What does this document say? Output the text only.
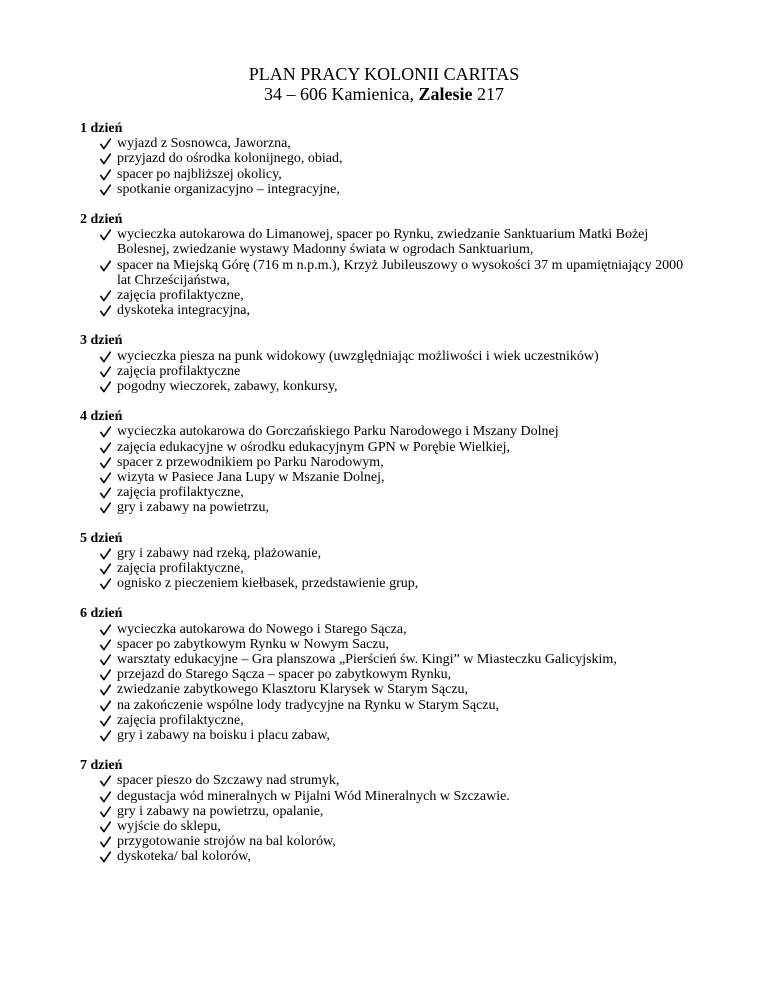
PLAN PRACY KOLONII CARITAS
34 – 606 Kamienica, Zalesie 217
1 dzień
wyjazd z Sosnowca, Jaworzna,
przyjazd do ośrodka kolonijnego, obiad,
spacer po najbliższej okolicy,
spotkanie organizacyjno – integracyjne,
2 dzień
wycieczka autokarowa do Limanowej, spacer po Rynku, zwiedzanie Sanktuarium Matki Bożej Bolesnej, zwiedzanie wystawy Madonny świata w ogrodach Sanktuarium,
spacer na Miejską Górę (716 m n.p.m.), Krzyż Jubileuszowy o wysokości 37 m upamiętniający 2000 lat Chrześcijaństwa,
zajęcia profilaktyczne,
dyskoteka integracyjna,
3 dzień
wycieczka piesza na punk widokowy (uwzględniając możliwości i wiek uczestników)
zajęcia profilaktyczne
pogodny wieczorek, zabawy, konkursy,
4 dzień
wycieczka autokarowa do Gorczańskiego Parku Narodowego i Mszany Dolnej
zajęcia edukacyjne w ośrodku edukacyjnym GPN w Porębie Wielkiej,
spacer z przewodnikiem po Parku Narodowym,
wizyta w Pasiece Jana Lupy w Mszanie Dolnej,
zajęcia profilaktyczne,
gry i zabawy na powietrzu,
5 dzień
gry i zabawy nad rzeką, plażowanie,
zajęcia profilaktyczne,
ognisko z pieczeniem kiełbasek, przedstawienie grup,
6 dzień
wycieczka autokarowa do Nowego i Starego Sącza,
spacer po zabytkowym Rynku w Nowym Saczu,
warsztaty edukacyjne – Gra planszowa „Pierścień św. Kingi” w Miasteczku Galicyjskim,
przejazd do Starego Sącza – spacer po zabytkowym Rynku,
zwiedzanie zabytkowego Klasztoru Klarysek w Starym Sączu,
na zakończenie wspólne lody tradycyjne na Rynku w Starym Sączu,
zajęcia profilaktyczne,
gry i zabawy na boisku i placu zabaw,
7 dzień
spacer pieszo do Szczawy nad strumyk,
degustacja wód mineralnych w Pijalni Wód Mineralnych w Szczawie.
gry i zabawy na powietrzu, opalanie,
wyjście do sklepu,
przygotowanie strojów na bal kolorów,
dyskoteka/ bal kolorów,
